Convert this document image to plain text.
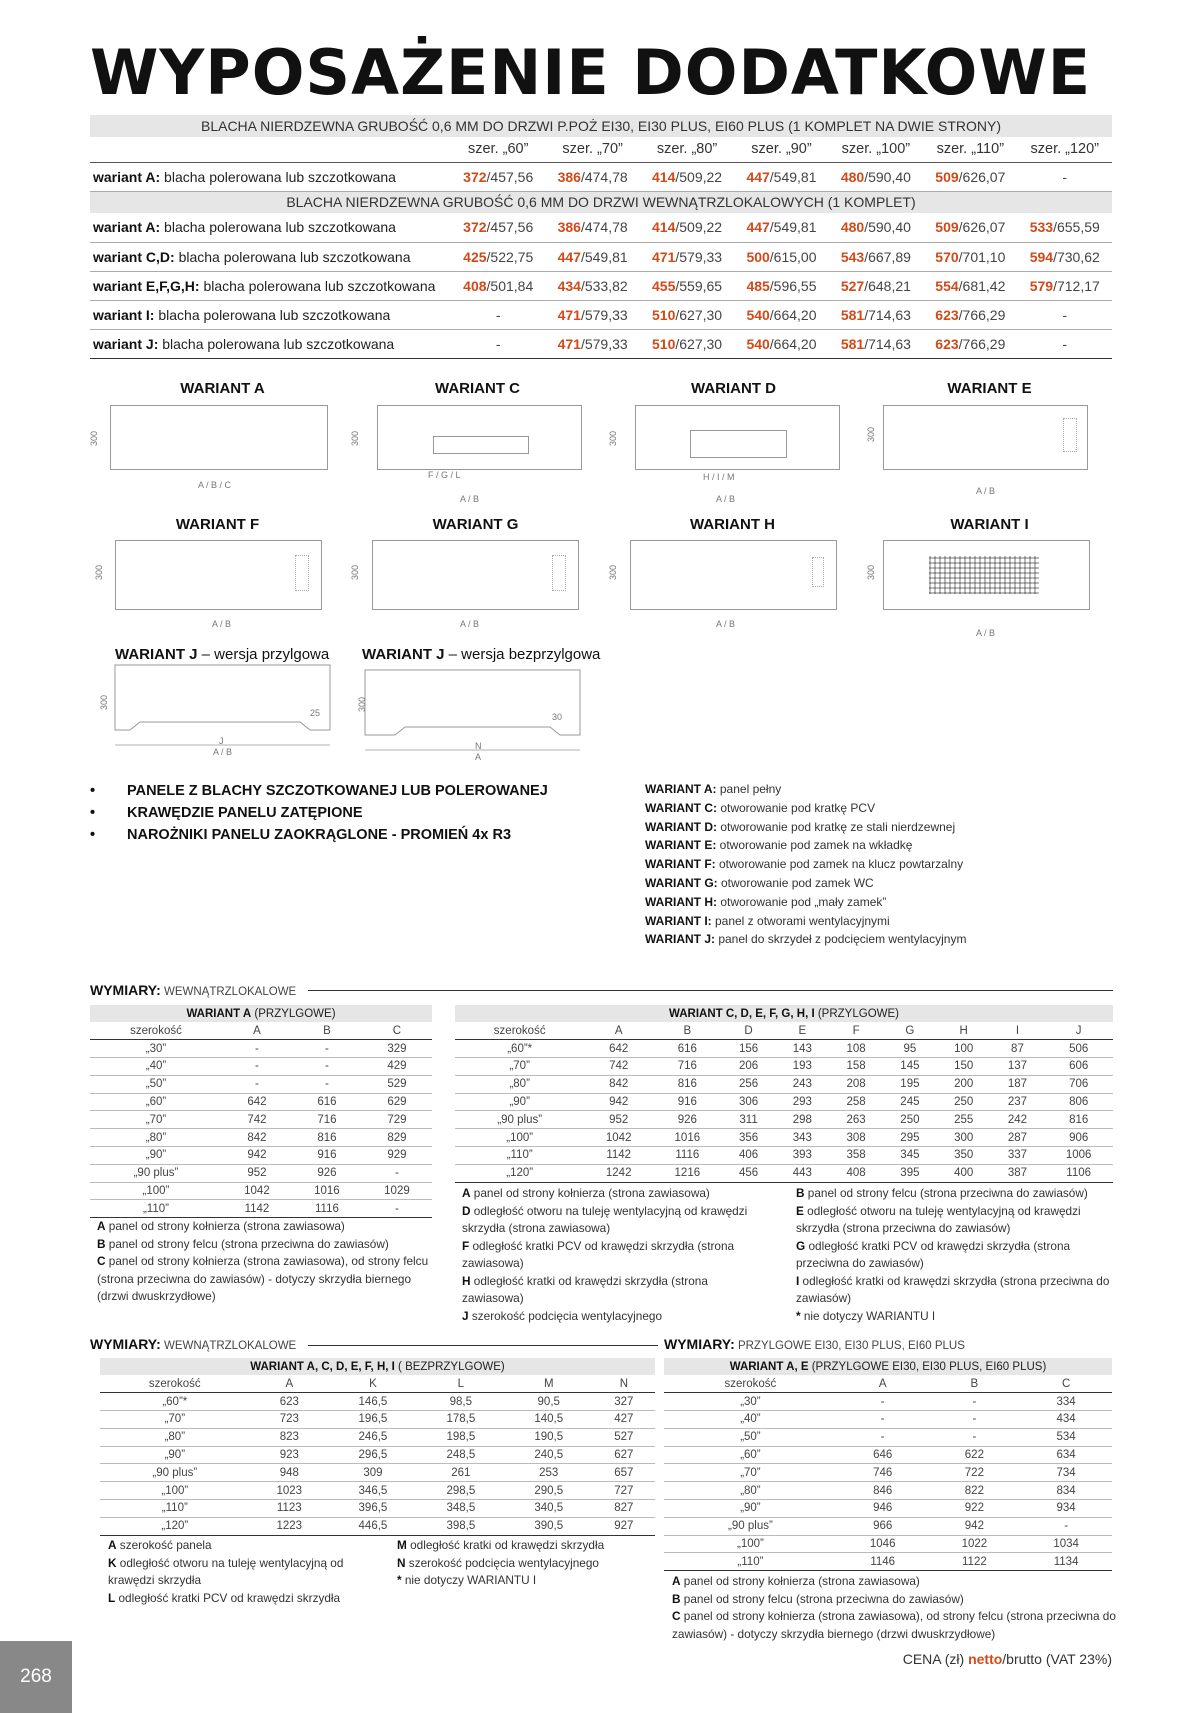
WYPOSAŻENIE DODATKOWE
BLACHA NIERDZEWNA GRUBOŚĆ 0,6 MM DO DRZWI P.POŻ EI30, EI30 PLUS, EI60 PLUS (1 KOMPLET NA DWIE STRONY)							
	szer. „60”	szer. „70”	szer. „80”	szer. „90”	szer. „100”	szer. „110”	szer. „120”
wariant A: blacha polerowana lub szczotkowana	372/457,56	386/474,78	414/509,22	447/549,81	480/590,40	509/626,07	-
BLACHA NIERDZEWNA GRUBOŚĆ 0,6 MM DO DRZWI WEWNĄTRZLOKALOWYCH (1 KOMPLET)							
wariant A: blacha polerowana lub szczotkowana	372/457,56	386/474,78	414/509,22	447/549,81	480/590,40	509/626,07	533/655,59
wariant C,D: blacha polerowana lub szczotkowana	425/522,75	447/549,81	471/579,33	500/615,00	543/667,89	570/701,10	594/730,62
wariant E,F,G,H: blacha polerowana lub szczotkowana	408/501,84	434/533,82	455/559,65	485/596,55	527/648,21	554/681,42	579/712,17
wariant I: blacha polerowana lub szczotkowana	-	471/579,33	510/627,30	540/664,20	581/714,63	623/766,29	-
wariant J: blacha polerowana lub szczotkowana	-	471/579,33	510/627,30	540/664,20	581/714,63	623/766,29	-
WARIANT A	WARIANT C	WARIANT D	WARIANT E
WARIANT F	WARIANT G	WARIANT H	WARIANT I
WARIANT J – wersja przylgowa WARIANT J – wersja bezprzylgowa
300
A / B / C
300
F / G / L
A / B
300
H / I / M
A / B
300
A / B
300
A / B
300
A / B
300
A / B
300
A / B
300
25
J
A / B
300
30
N
A
• PANELE Z BLACHY SZCZOTKOWANEJ LUB POLEROWANEJ
• KRAWĘDZIE PANELU ZATĘPIONE
• NAROŻNIKI PANELU ZAOKRĄGLONE - PROMIEŃ 4x R3
WARIANT A: panel pełny
WARIANT C: otworowanie pod kratkę PCV
WARIANT D: otworowanie pod kratkę ze stali nierdzewnej
WARIANT E: otworowanie pod zamek na wkładkę
WARIANT F: otworowanie pod zamek na klucz powtarzalny
WARIANT G: otworowanie pod zamek WC
WARIANT H: otworowanie pod „mały zamek”
WARIANT I: panel z otworami wentylacyjnymi
WARIANT J: panel do skrzydeł z podcięciem wentylacyjnym
WYMIARY: WEWNĄTRZLOKALOWE
WARIANT A (PRZYLGOWE)			
szerokość	A	B	C
„30”	-	-	329
„40”	-	-	429
„50”	-	-	529
„60”	642	616	629
„70”	742	716	729
„80”	842	816	829
„90”	942	916	929
„90 plus”	952	926	-
„100”	1042	1016	1029
„110”	1142	1116	-
WARIANT C, D, E, F, G, H, I (PRZYLGOWE)									
szerokość	A	B	D	E	F	G	H	I	J
„60”*	642	616	156	143	108	95	100	87	506
„70”	742	716	206	193	158	145	150	137	606
„80”	842	816	256	243	208	195	200	187	706
„90”	942	916	306	293	258	245	250	237	806
„90 plus”	952	926	311	298	263	250	255	242	816
„100”	1042	1016	356	343	308	295	300	287	906
„110”	1142	1116	406	393	358	345	350	337	1006
„120”	1242	1216	456	443	408	395	400	387	1106
A panel od strony kołnierza (strona zawiasowa)
B panel od strony felcu (strona przeciwna do zawiasów)
C panel od strony kołnierza (strona zawiasowa), od strony felcu (strona przeciwna do zawiasów) - dotyczy skrzydła biernego (drzwi dwuskrzydłowe)
A panel od strony kołnierza (strona zawiasowa)
D odległość otworu na tuleję wentylacyjną od krawędzi skrzydła (strona zawiasowa)
F odległość kratki PCV od krawędzi skrzydła (strona zawiasowa)
H odległość kratki od krawędzi skrzydła (strona zawiasowa)
J szerokość podcięcia wentylacyjnego
B panel od strony felcu (strona przeciwna do zawiasów)
E odległość otworu na tuleję wentylacyjną od krawędzi skrzydła (strona przeciwna do zawiasów)
G odległość kratki PCV od krawędzi skrzydła (strona przeciwna do zawiasów)
I odległość kratki od krawędzi skrzydła (strona przeciwna do zawiasów)
* nie dotyczy WARIANTU I
WYMIARY: WEWNĄTRZLOKALOWE	WYMIARY: PRZYLGOWE EI30, EI30 PLUS, EI60 PLUS
WARIANT A, C, D, E, F, H, I ( BEZPRZYLGOWE)					
szerokość	A	K	L	M	N
„60”*	623	146,5	98,5	90,5	327
„70”	723	196,5	178,5	140,5	427
„80”	823	246,5	198,5	190,5	527
„90”	923	296,5	248,5	240,5	627
„90 plus”	948	309	261	253	657
„100”	1023	346,5	298,5	290,5	727
„110”	1123	396,5	348,5	340,5	827
„120”	1223	446,5	398,5	390,5	927
WARIANT A, E (PRZYLGOWE EI30, EI30 PLUS, EI60 PLUS)			
szerokość	A	B	C
„30”	-	-	334
„40”	-	-	434
„50”	-	-	534
„60”	646	622	634
„70”	746	722	734
„80”	846	822	834
„90”	946	922	934
„90 plus”	966	942	-
„100”	1046	1022	1034
„110”	1146	1122	1134
A szerokość panela
K odległość otworu na tuleję wentylacyjną od krawędzi skrzydła
L odległość kratki PCV od krawędzi skrzydła
M odległość kratki od krawędzi skrzydła
N szerokość podcięcia wentylacyjnego
* nie dotyczy WARIANTU I	A panel od strony kołnierza (strona zawiasowa)
B panel od strony felcu (strona przeciwna do zawiasów)
C panel od strony kołnierza (strona zawiasowa), od strony felcu (strona przeciwna do zawiasów) - dotyczy skrzydła biernego (drzwi dwuskrzydłowe)
268
CENA (zł) netto/brutto (VAT 23%)
